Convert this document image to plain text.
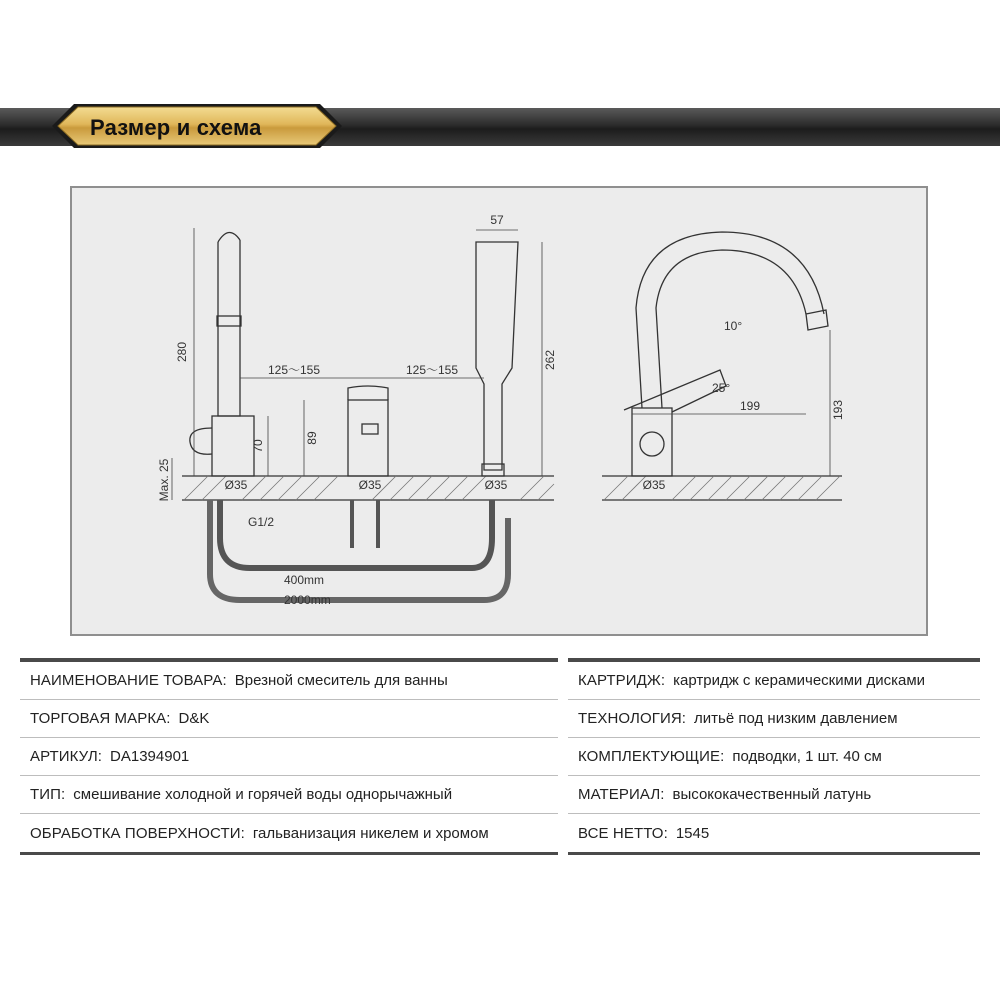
Размер и схема
280
125～155	125～155
57
262
89
70
Max. 25	Ø35	Ø35	Ø35	Ø35
G1/2
400mm
2000mm
10°
25°
199	193
НАИМЕНОВАНИЕ ТОВАРА: Врезной смеситель для ванны
ТОРГОВАЯ МАРКА: D&K
АРТИКУЛ: DA1394901
ТИП: смешивание холодной и горячей воды однорычажный
ОБРАБОТКА ПОВЕРХНОСТИ: гальванизация никелем и хромом
КАРТРИДЖ: картридж с керамическими дисками
ТЕХНОЛОГИЯ: литьё под низким давлением
КОМПЛЕКТУЮЩИЕ: подводки, 1 шт. 40 см
МАТЕРИАЛ: высококачественный латунь
ВСЕ НЕТТО: 1545
